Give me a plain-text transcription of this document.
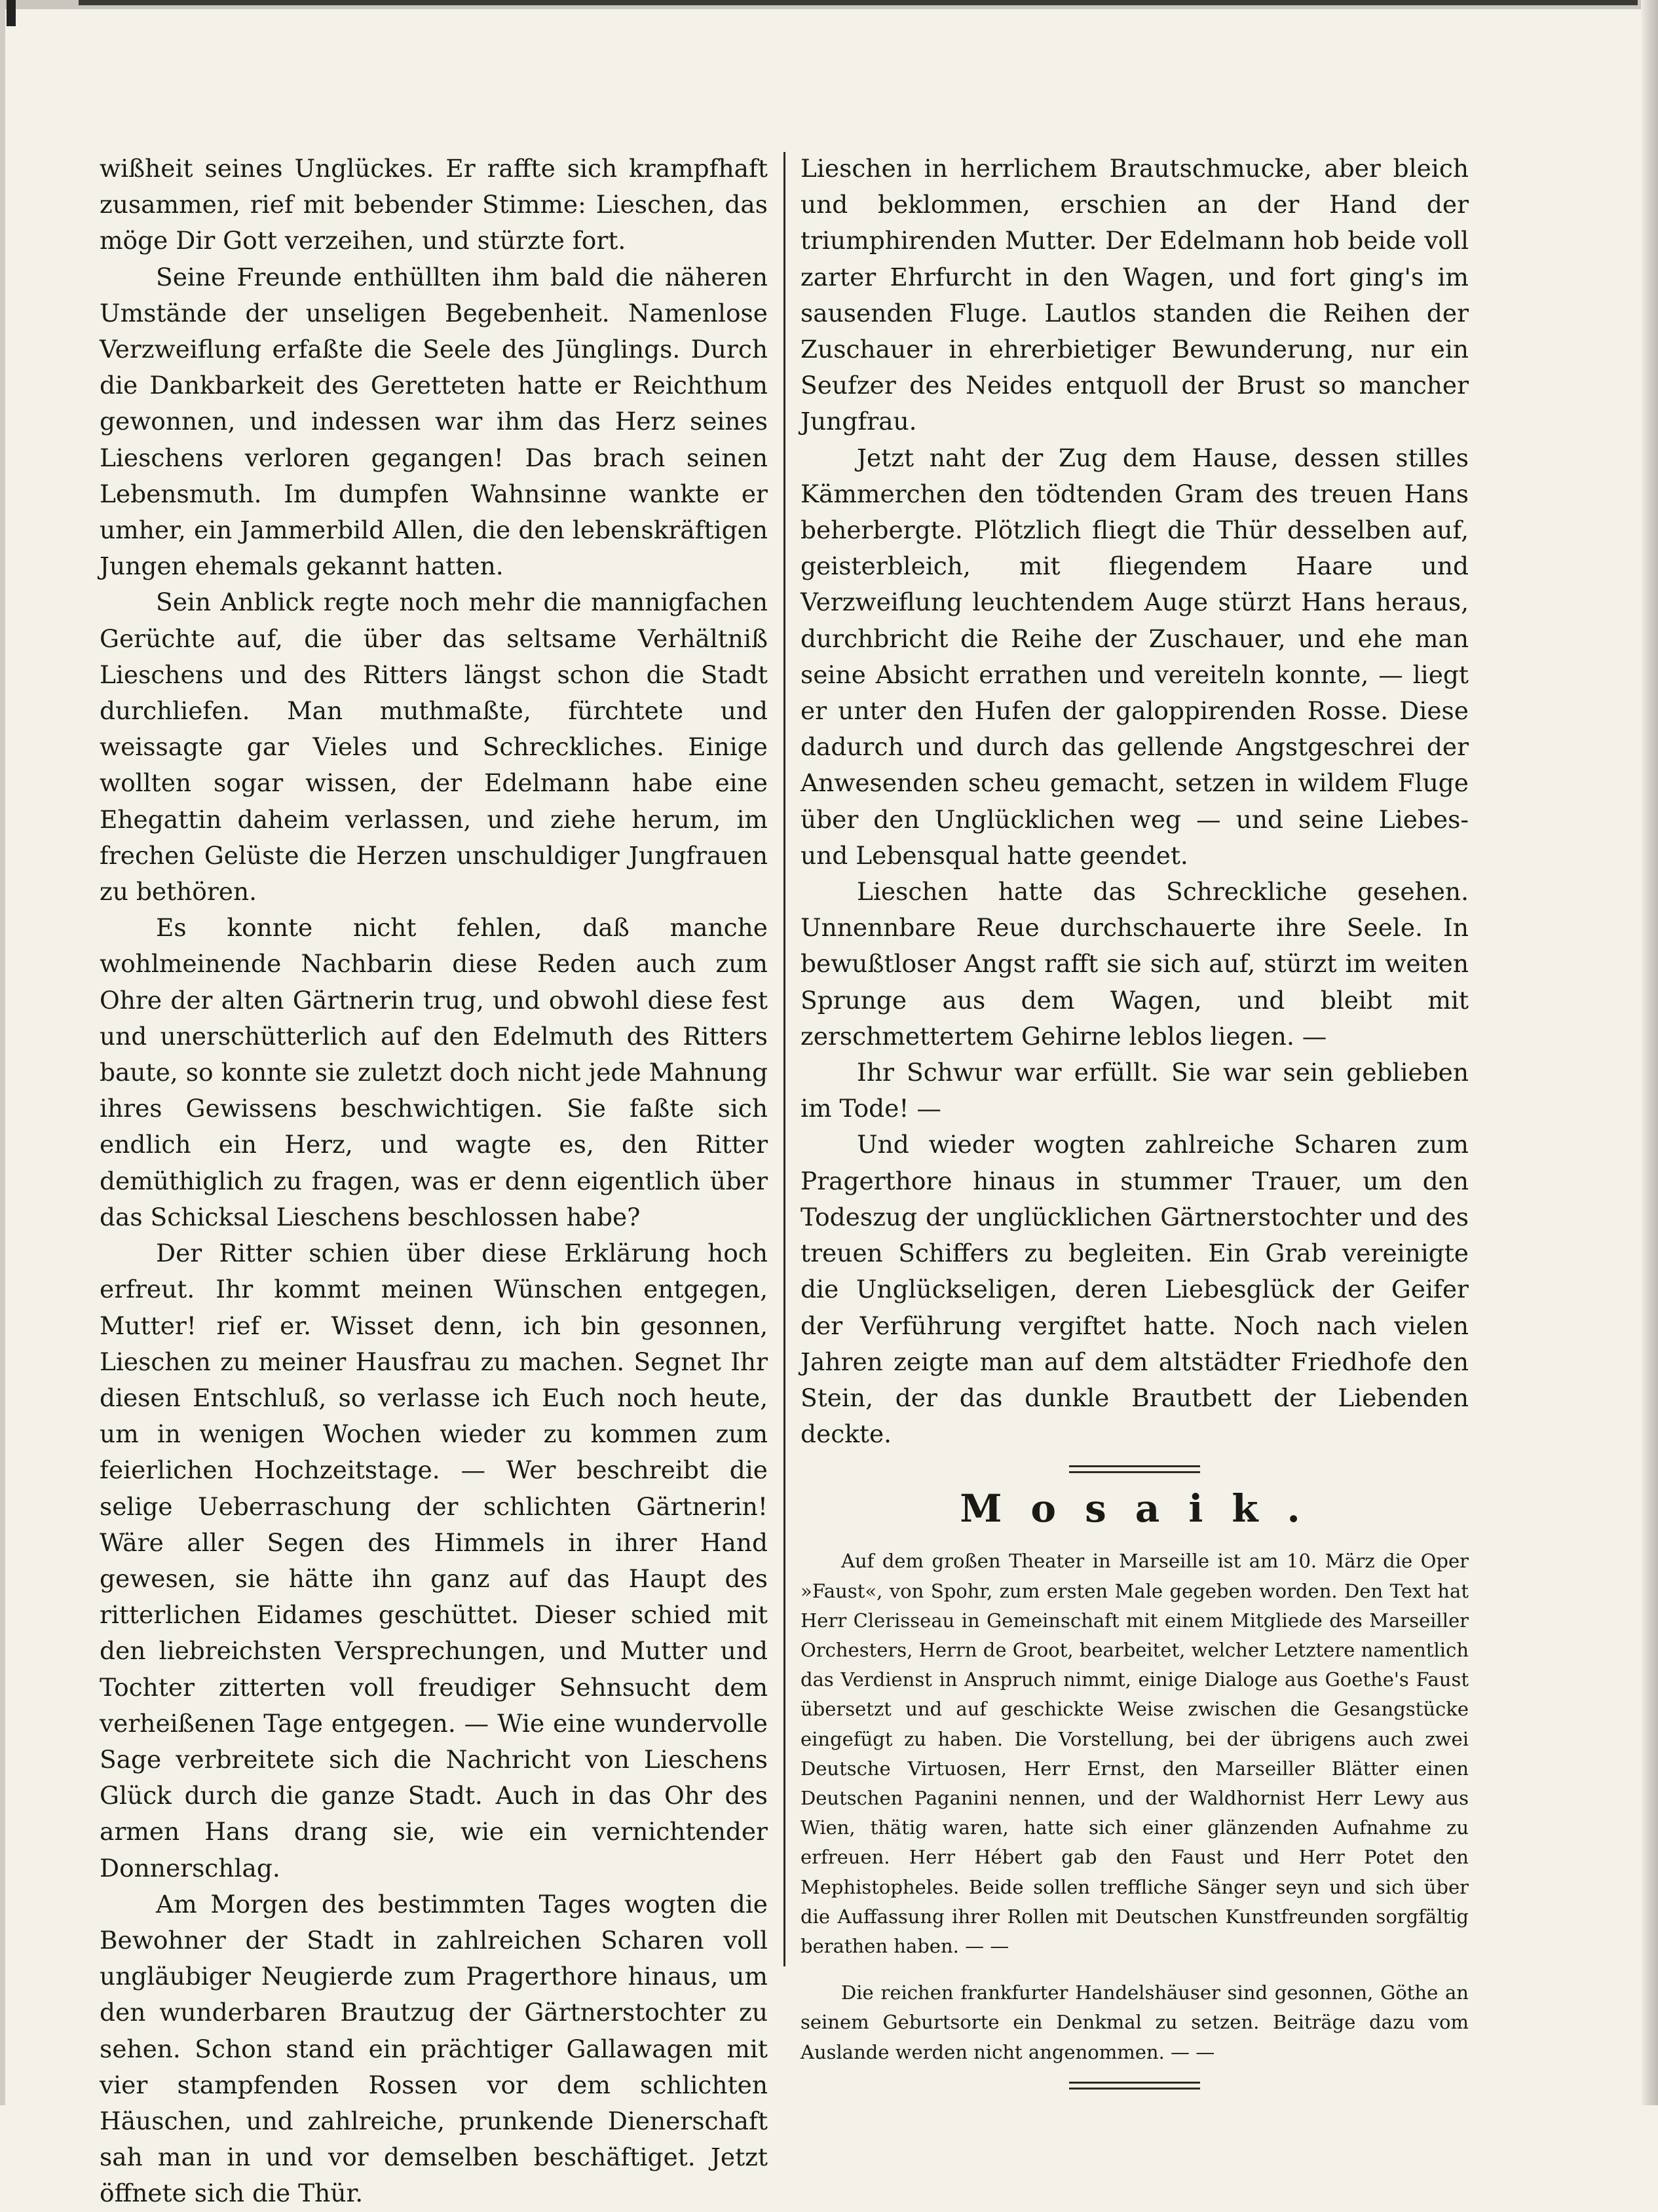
wißheit seines Unglückes. Er raffte sich krampfhaft zusammen, rief mit bebender Stimme: Lieschen, das möge Dir Gott verzeihen, und stürzte fort.

Seine Freunde enthüllten ihm bald die näheren Umstände der unseligen Begebenheit. Namenlose Verzweiflung erfaßte die Seele des Jünglings. Durch die Dankbarkeit des Geretteten hatte er Reichthum gewonnen, und indessen war ihm das Herz seines Lieschens verloren gegangen! Das brach seinen Lebensmuth. Im dumpfen Wahnsinne wankte er umher, ein Jammerbild Allen, die den lebenskräftigen Jungen ehemals gekannt hatten.

Sein Anblick regte noch mehr die mannigfachen Gerüchte auf, die über das seltsame Verhältniß Lieschens und des Ritters längst schon die Stadt durchliefen. Man muthmaßte, fürchtete und weissagte gar Vieles und Schreckliches. Einige wollten sogar wissen, der Edelmann habe eine Ehegattin daheim verlassen, und ziehe herum, im frechen Gelüste die Herzen unschuldiger Jungfrauen zu bethören.

Es konnte nicht fehlen, daß manche wohlmeinende Nachbarin diese Reden auch zum Ohre der alten Gärtnerin trug, und obwohl diese fest und unerschütterlich auf den Edelmuth des Ritters baute, so konnte sie zuletzt doch nicht jede Mahnung ihres Gewissens beschwichtigen. Sie faßte sich endlich ein Herz, und wagte es, den Ritter demüthiglich zu fragen, was er denn eigentlich über das Schicksal Lieschens beschlossen habe?

Der Ritter schien über diese Erklärung hoch erfreut. Ihr kommt meinen Wünschen entgegen, Mutter! rief er. Wisset denn, ich bin gesonnen, Lieschen zu meiner Hausfrau zu machen. Segnet Ihr diesen Entschluß, so verlasse ich Euch noch heute, um in wenigen Wochen wieder zu kommen zum feierlichen Hochzeitstage. — Wer beschreibt die selige Ueberraschung der schlichten Gärtnerin! Wäre aller Segen des Himmels in ihrer Hand gewesen, sie hätte ihn ganz auf das Haupt des ritterlichen Eidames geschüttet. Dieser schied mit den liebreichsten Versprechungen, und Mutter und Tochter zitterten voll freudiger Sehnsucht dem verheißenen Tage entgegen. — Wie eine wundervolle Sage verbreitete sich die Nachricht von Lieschens Glück durch die ganze Stadt. Auch in das Ohr des armen Hans drang sie, wie ein vernichtender Donnerschlag.

Am Morgen des bestimmten Tages wogten die Bewohner der Stadt in zahlreichen Scharen voll ungläubiger Neugierde zum Pragerthore hinaus, um den wunderbaren Brautzug der Gärtnerstochter zu sehen. Schon stand ein prächtiger Gallawagen mit vier stampfenden Rossen vor dem schlichten Häuschen, und zahlreiche, prunkende Dienerschaft sah man in und vor demselben beschäftiget. Jetzt öffnete sich die Thür.

Lieschen in herrlichem Brautschmucke, aber bleich und beklommen, erschien an der Hand der triumphirenden Mutter. Der Edelmann hob beide voll zarter Ehrfurcht in den Wagen, und fort ging's im sausenden Fluge. Lautlos standen die Reihen der Zuschauer in ehrerbietiger Bewunderung, nur ein Seufzer des Neides entquoll der Brust so mancher Jungfrau.

Jetzt naht der Zug dem Hause, dessen stilles Kämmerchen den tödtenden Gram des treuen Hans beherbergte. Plötzlich fliegt die Thür desselben auf, geisterbleich, mit fliegendem Haare und Verzweiflung leuchtendem Auge stürzt Hans heraus, durchbricht die Reihe der Zuschauer, und ehe man seine Absicht errathen und vereiteln konnte, — liegt er unter den Hufen der galoppirenden Rosse. Diese dadurch und durch das gellende Angstgeschrei der Anwesenden scheu gemacht, setzen in wildem Fluge über den Unglücklichen weg — und seine Liebes- und Lebensqual hatte geendet.

Lieschen hatte das Schreckliche gesehen. Unnennbare Reue durchschauerte ihre Seele. In bewußtloser Angst rafft sie sich auf, stürzt im weiten Sprunge aus dem Wagen, und bleibt mit zerschmettertem Gehirne leblos liegen. —

Ihr Schwur war erfüllt. Sie war sein geblieben im Tode! —

Und wieder wogten zahlreiche Scharen zum Pragerthore hinaus in stummer Trauer, um den Todeszug der unglücklichen Gärtnerstochter und des treuen Schiffers zu begleiten. Ein Grab vereinigte die Unglückseligen, deren Liebesglück der Geifer der Verführung vergiftet hatte. Noch nach vielen Jahren zeigte man auf dem altstädter Friedhofe den Stein, der das dunkle Brautbett der Liebenden deckte.

Mosaik.

Auf dem großen Theater in Marseille ist am 10. März die Oper »Faust«, von Spohr, zum ersten Male gegeben worden. Den Text hat Herr Clerisseau in Gemeinschaft mit einem Mitgliede des Marseiller Orchesters, Herrn de Groot, bearbeitet, welcher Letztere namentlich das Verdienst in Anspruch nimmt, einige Dialoge aus Goethe's Faust übersetzt und auf geschickte Weise zwischen die Gesangstücke eingefügt zu haben. Die Vorstellung, bei der übrigens auch zwei Deutsche Virtuosen, Herr Ernst, den Marseiller Blätter einen Deutschen Paganini nennen, und der Waldhornist Herr Lewy aus Wien, thätig waren, hatte sich einer glänzenden Aufnahme zu erfreuen. Herr Hébert gab den Faust und Herr Potet den Mephistopheles. Beide sollen treffliche Sänger seyn und sich über die Auffassung ihrer Rollen mit Deutschen Kunstfreunden sorgfältig berathen haben. — —

Die reichen frankfurter Handelshäuser sind gesonnen, Göthe an seinem Geburtsorte ein Denkmal zu setzen. Beiträge dazu vom Auslande werden nicht angenommen. — —
